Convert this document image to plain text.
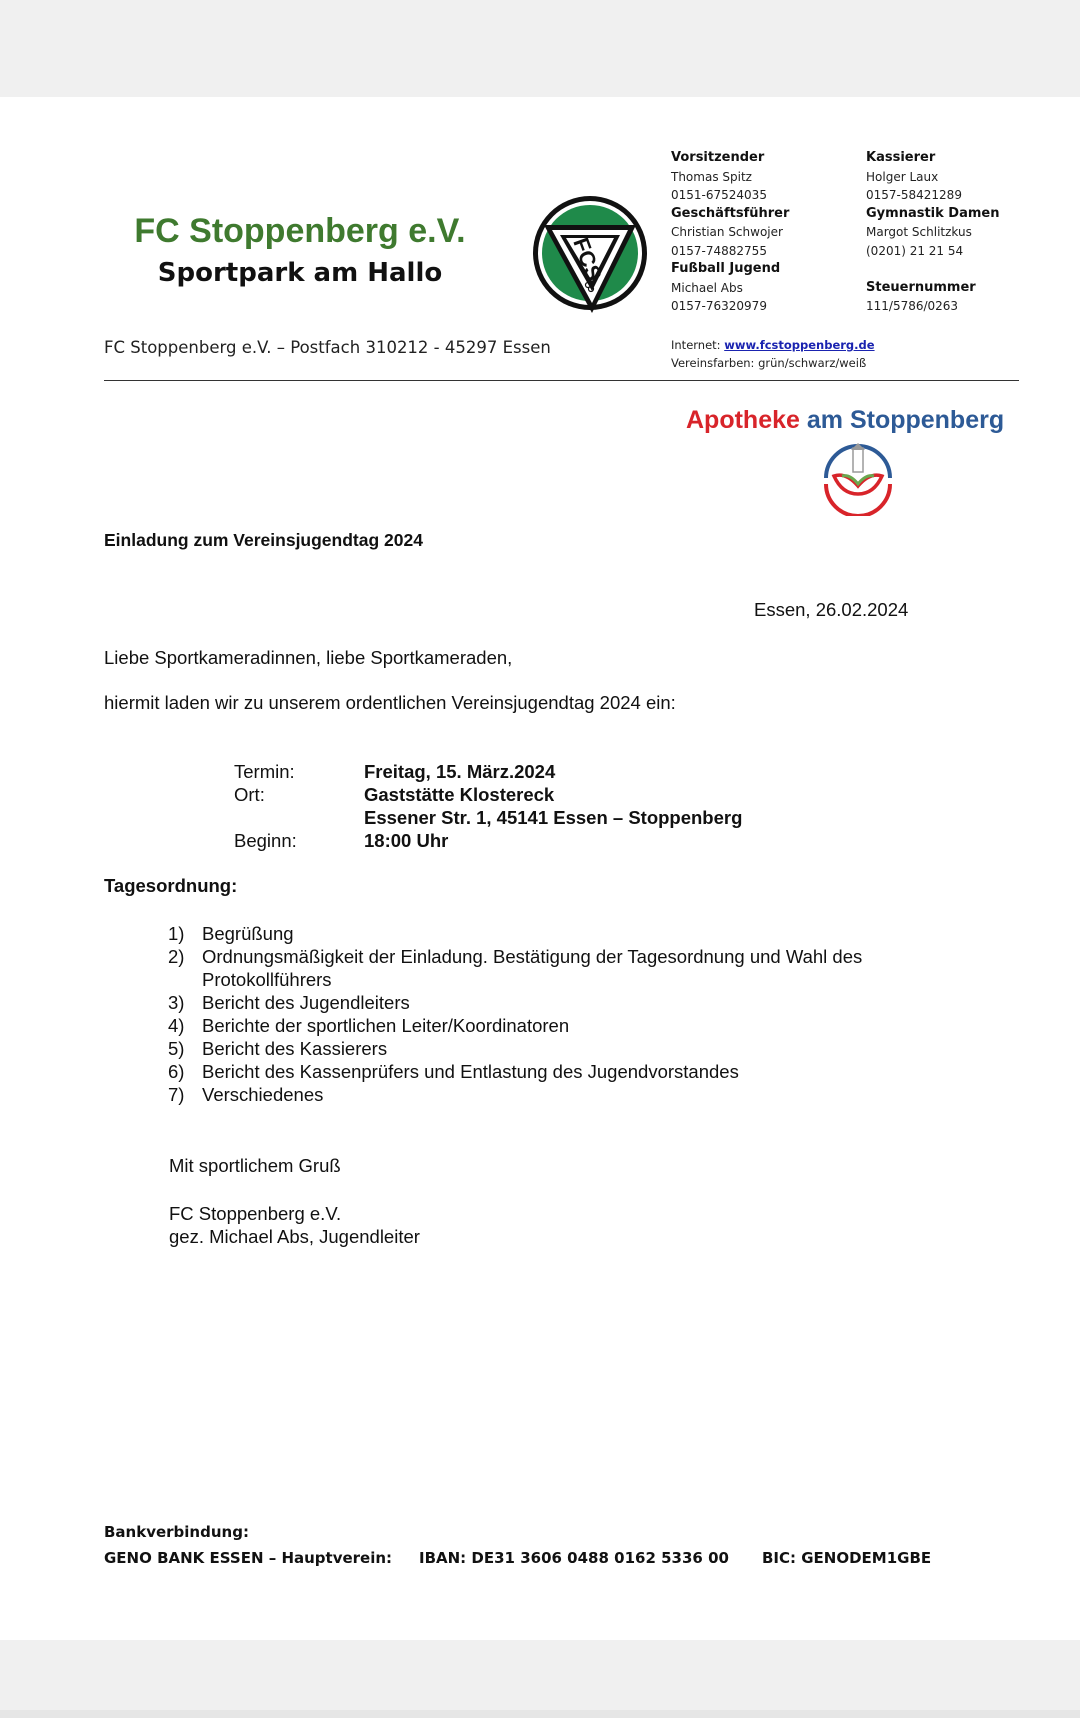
FC Stoppenberg e.V.
Sportpark am Hallo	FCS
Vorsitzender
Thomas Spitz
0151-67524035
Geschäftsführer
Christian Schwojer
0157-74882755
Fußball Jugend
Michael Abs
0157-76320979
Kassierer
Holger Laux
0157-58421289
Gymnastik Damen
Margot Schlitzkus
(0201) 21 21 54

Steuernummer
111/5786/0263
Internet: www.fcstoppenberg.de
Vereinsfarben: grün/schwarz/weiß
FC Stoppenberg e.V. – Postfach 310212 - 45297 Essen
Apotheke am Stoppenberg
Einladung zum Vereinsjugendtag 2024
Essen, 26.02.2024
Liebe Sportkameradinnen, liebe Sportkameraden,
hiermit laden wir zu unserem ordentlichen Vereinsjugendtag 2024 ein:
Termin:	Freitag, 15. März.2024
Ort:	Gaststätte Klostereck
Essener Str. 1, 45141 Essen – Stoppenberg
Beginn:	18:00 Uhr
Tagesordnung:
1) Begrüßung
2) Ordnungsmäßigkeit der Einladung. Bestätigung der Tagesordnung und Wahl des Protokollführers
3) Bericht des Jugendleiters
4) Berichte der sportlichen Leiter/Koordinatoren
5) Bericht des Kassierers
6) Bericht des Kassenprüfers und Entlastung des Jugendvorstandes
7) Verschiedenes
Mit sportlichem Gruß
FC Stoppenberg e.V.
gez. Michael Abs, Jugendleiter
Bankverbindung:
GENO BANK ESSEN – Hauptverein: IBAN: DE31 3606 0488 0162 5336 00 BIC: GENODEM1GBE
